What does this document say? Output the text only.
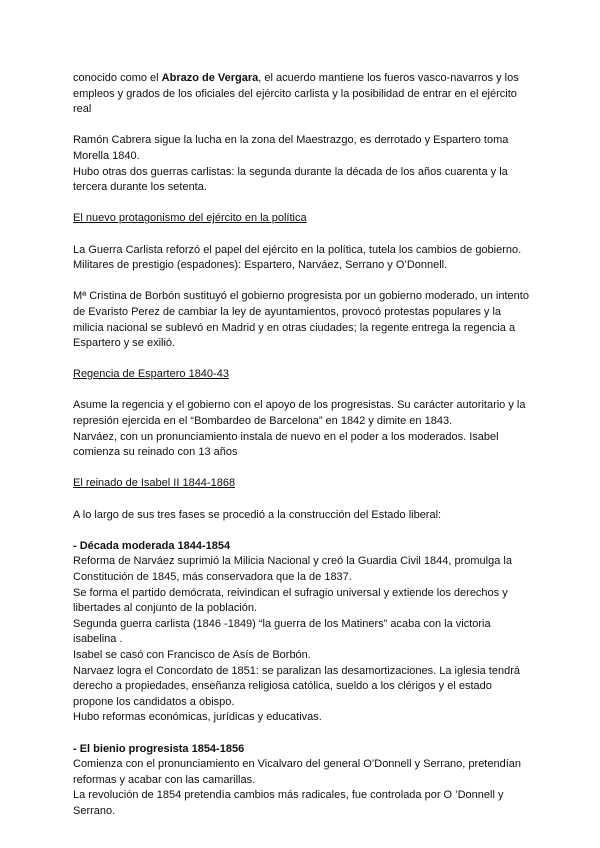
conocido como el Abrazo de Vergara, el acuerdo mantiene los fueros vasco-navarros y los empleos y grados de los oficiales del ejército carlista y la posibilidad de entrar en el ejército real

Ramón Cabrera sigue la lucha en la zona del Maestrazgo, es derrotado y Espartero toma Morella 1840.

Hubo otras dos guerras carlistas: la segunda durante la década de los años cuarenta y la tercera durante los setenta.

El nuevo protagonismo del ejército en la política

La Guerra Carlista reforzó el papel del ejército en la política, tutela los cambios de gobierno. Militares de prestigio (espadones): Espartero, Narváez, Serrano y O’Donnell.

Mª Cristina de Borbón sustituyó el gobierno progresista por un gobierno moderado, un intento de Evaristo Perez de cambiar la ley de ayuntamientos, provocó protestas populares y la milicia nacional se sublevó en Madrid y en otras ciudades; la regente entrega la regencia a Espartero y se exilió.

Regencia de Espartero 1840-43

Asume la regencia y el gobierno con el apoyo de los progresistas. Su carácter autoritario y la represión ejercida en el “Bombardeo de Barcelona” en 1842 y dimite en 1843.

Narváez, con un pronunciamiento instala de nuevo en el poder a los moderados. Isabel comienza su reinado con 13 años

El reinado de Isabel II 1844-1868

A lo largo de sus tres fases se procedió a la construcción del Estado liberal:

- Década moderada 1844-1854

Reforma de Narváez suprimió la Milicia Nacional y creó la Guardia Civil 1844, promulga la Constitución de 1845, más conservadora que la de 1837.

Se forma el partido demócrata, reivindican el sufragio universal y extiende los derechos y libertades al conjunto de la población.

Segunda guerra carlista (1846 -1849) “la guerra de los Matiners” acaba con la victoria isabelina .

Isabel se casó con Francisco de Asís de Borbón.

Narvaez logra el Concordato de 1851: se paralizan las desamortizaciones. La iglesia tendrá derecho a propiedades, enseñanza religiosa católica, sueldo a los clérigos y el estado propone los candidatos a obispo.

Hubo reformas económicas, jurídicas y educativas.

- El bienio progresista 1854-1856

Comienza con el pronunciamiento en Vicalvaro del general O’Donnell y Serrano, pretendían reformas y acabar con las camarillas.

La revolución de 1854 pretendía cambios más radicales, fue controlada por O ’Donnell y Serrano.
